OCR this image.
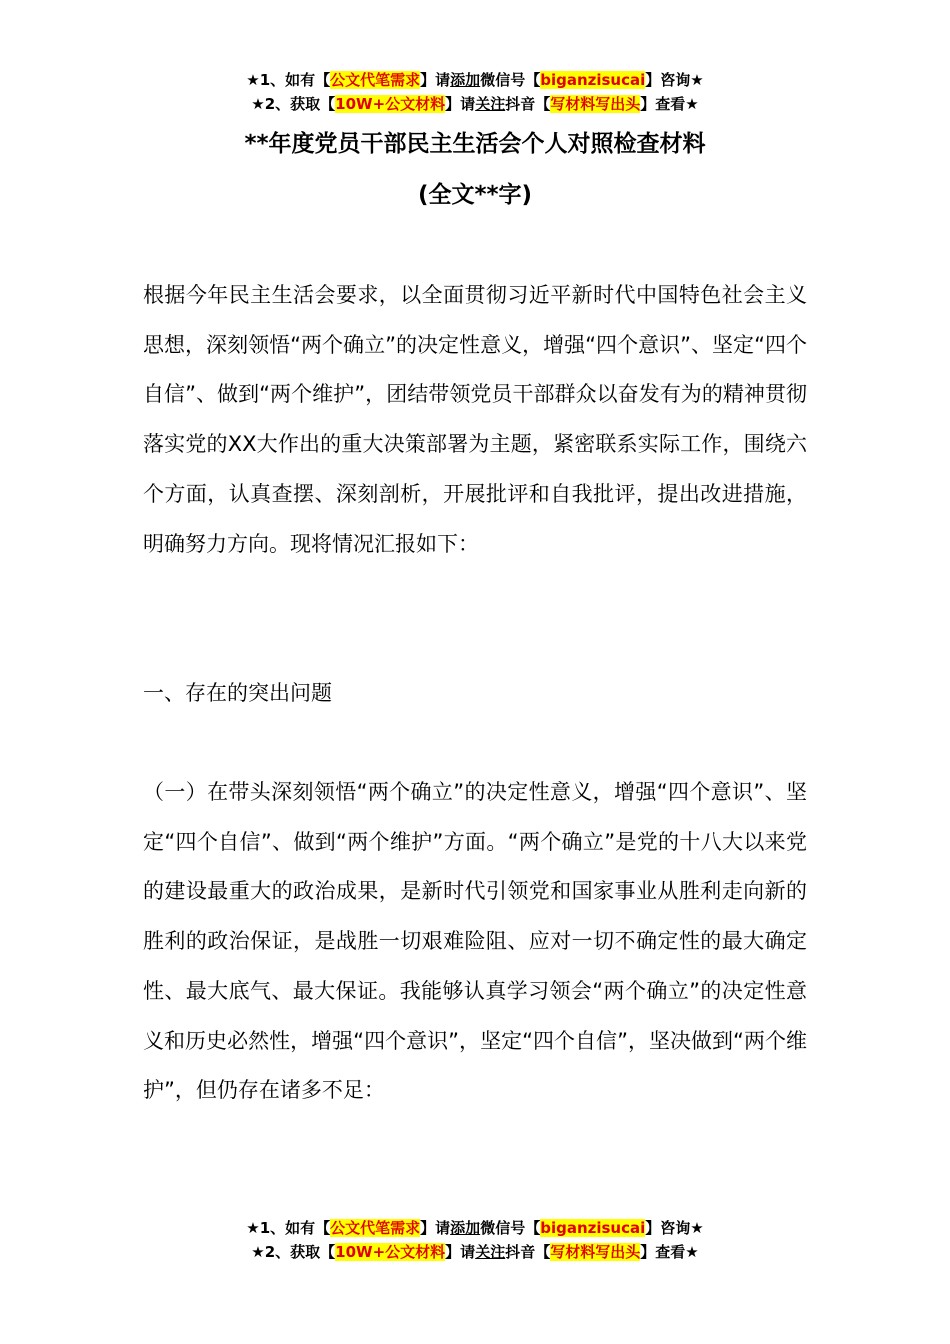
★1、如有【公文代笔需求】请添加微信号【biganzisucai】咨询★
★2、获取【10W+公文材料】请关注抖音【写材料写出头】查看★
**年度党员干部民主生活会个人对照检查材料
(全文**字)

根据今年民主生活会要求，以全面贯彻习近平新时代中国特色社会主义思想，深刻领悟“两个确立”的决定性意义，增强“四个意识”、坚定“四个自信”、做到“两个维护”，团结带领党员干部群众以奋发有为的精神贯彻落实党的XX大作出的重大决策部署为主题，紧密联系实际工作，围绕六个方面，认真查摆、深刻剖析，开展批评和自我批评，提出改进措施，明确努力方向。现将情况汇报如下：

一、存在的突出问题

（一）在带头深刻领悟“两个确立”的决定性意义，增强“四个意识”、坚定“四个自信”、做到“两个维护”方面。“两个确立”是党的十八大以来党的建设最重大的政治成果，是新时代引领党和国家事业从胜利走向新的胜利的政治保证，是战胜一切艰难险阻、应对一切不确定性的最大确定性、最大底气、最大保证。我能够认真学习领会“两个确立”的决定性意义和历史必然性，增强“四个意识”，坚定“四个自信”，坚决做到“两个维护”，但仍存在诸多不足：

★1、如有【公文代笔需求】请添加微信号【biganzisucai】咨询★
★2、获取【10W+公文材料】请关注抖音【写材料写出头】查看★
